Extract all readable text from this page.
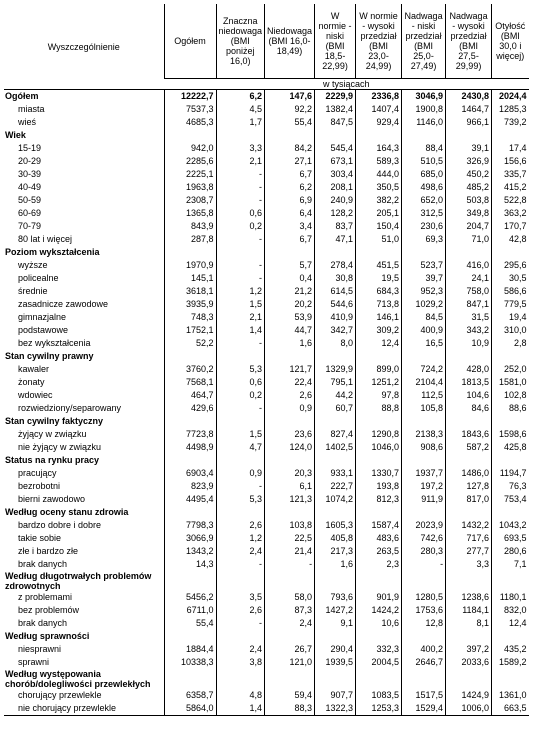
Wyszczególnienie	Ogółem	Znaczna niedowaga (BMI poniżej 16,0)	Niedowaga (BMI 16,0-18,49)	W normie - niski (BMI 18,5-22,99)	W normie - wysoki przedział (BMI 23,0-24,99)	Nadwaga - niski przedział (BMI 25,0-27,49)	Nadwaga - wysoki przedział (BMI 27,5-29,99)	Otyłość (BMI 30,0 i więcej)
	w tysiącach							
Ogółem	12222,7	6,2	147,6	2229,9	2336,8	3046,9	2430,8	2024,4
miasta	7537,3	4,5	92,2	1382,4	1407,4	1900,8	1464,7	1285,3
wieś	4685,3	1,7	55,4	847,5	929,4	1146,0	966,1	739,2
Wiek								
15-19	942,0	3,3	84,2	545,4	164,3	88,4	39,1	17,4
20-29	2285,6	2,1	27,1	673,1	589,3	510,5	326,9	156,6
30-39	2225,1	-	6,7	303,4	444,0	685,0	450,2	335,7
40-49	1963,8	-	6,2	208,1	350,5	498,6	485,2	415,2
50-59	2308,7	-	6,9	240,9	382,2	652,0	503,8	522,8
60-69	1365,8	0,6	6,4	128,2	205,1	312,5	349,8	363,2
70-79	843,9	0,2	3,4	83,7	150,4	230,6	204,7	170,7
80 lat i więcej	287,8	-	6,7	47,1	51,0	69,3	71,0	42,8
Poziom wykształcenia								
wyższe	1970,9	-	5,7	278,4	451,5	523,7	416,0	295,6
policealne	145,1	-	0,4	30,8	19,5	39,7	24,1	30,5
średnie	3618,1	1,2	21,2	614,5	684,3	952,3	758,0	586,6
zasadnicze zawodowe	3935,9	1,5	20,2	544,6	713,8	1029,2	847,1	779,5
gimnazjalne	748,3	2,1	53,9	410,9	146,1	84,5	31,5	19,4
podstawowe	1752,1	1,4	44,7	342,7	309,2	400,9	343,2	310,0
bez wykształcenia	52,2	-	1,6	8,0	12,4	16,5	10,9	2,8
Stan cywilny prawny								
kawaler	3760,2	5,3	121,7	1329,9	899,0	724,2	428,0	252,0
żonaty	7568,1	0,6	22,4	795,1	1251,2	2104,4	1813,5	1581,0
wdowiec	464,7	0,2	2,6	44,2	97,8	112,5	104,6	102,8
rozwiedziony/separowany	429,6	-	0,9	60,7	88,8	105,8	84,6	88,6
Stan cywilny faktyczny								
żyjący w związku	7723,8	1,5	23,6	827,4	1290,8	2138,3	1843,6	1598,6
nie żyjący w związku	4498,9	4,7	124,0	1402,5	1046,0	908,6	587,2	425,8
Status na rynku pracy								
pracujący	6903,4	0,9	20,3	933,1	1330,7	1937,7	1486,0	1194,7
bezrobotni	823,9	-	6,1	222,7	193,8	197,2	127,8	76,3
bierni zawodowo	4495,4	5,3	121,3	1074,2	812,3	911,9	817,0	753,4
Według oceny stanu zdrowia								
bardzo dobre i dobre	7798,3	2,6	103,8	1605,3	1587,4	2023,9	1432,2	1043,2
takie sobie	3066,9	1,2	22,5	405,8	483,6	742,6	717,6	693,5
złe i bardzo złe	1343,2	2,4	21,4	217,3	263,5	280,3	277,7	280,6
brak danych	14,3	-	-	1,6	2,3	-	3,3	7,1
Według długotrwałych problemów zdrowotnych								
z problemami	5456,2	3,5	58,0	793,6	901,9	1280,5	1238,6	1180,1
bez problemów	6711,0	2,6	87,3	1427,2	1424,2	1753,6	1184,1	832,0
brak danych	55,4	-	2,4	9,1	10,6	12,8	8,1	12,4
Według sprawności								
niesprawni	1884,4	2,4	26,7	290,4	332,3	400,2	397,2	435,2
sprawni	10338,3	3,8	121,0	1939,5	2004,5	2646,7	2033,6	1589,2
Według występowania chorób/dolegliwości przewlekłych								
chorujący przewlekle	6358,7	4,8	59,4	907,7	1083,5	1517,5	1424,9	1361,0
nie chorujący przewlekle	5864,0	1,4	88,3	1322,3	1253,3	1529,4	1006,0	663,5
